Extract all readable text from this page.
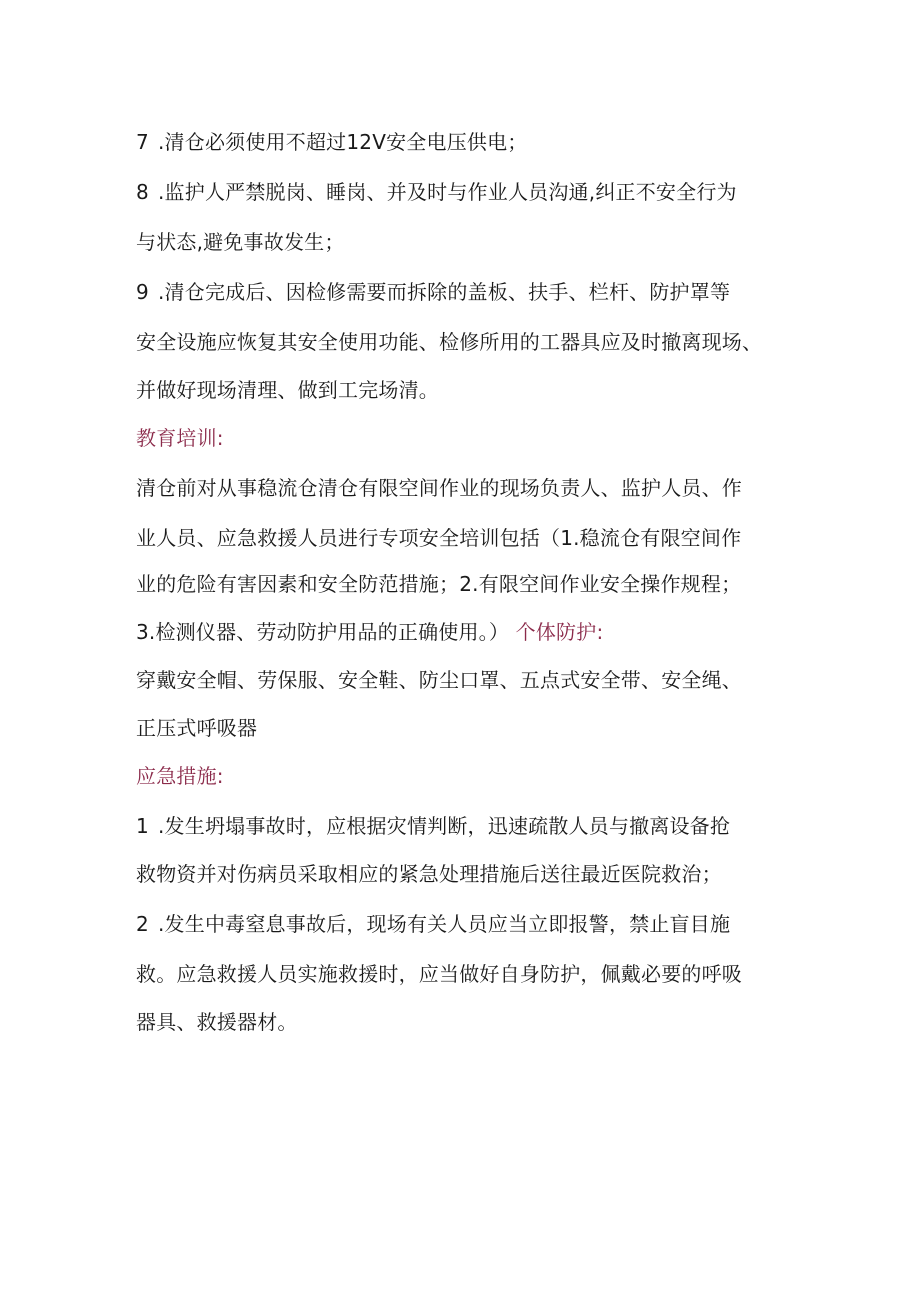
7 .清仓必须使用不超过12V安全电压供电；
8 .监护人严禁脱岗、睡岗、并及时与作业人员沟通,纠正不安全行为
与状态,避免事故发生；
9 .清仓完成后、因检修需要而拆除的盖板、扶手、栏杆、防护罩等
安全设施应恢复其安全使用功能、检修所用的工器具应及时撤离现场、
并做好现场清理、做到工完场清。
教育培训:
清仓前对从事稳流仓清仓有限空间作业的现场负责人、监护人员、作
业人员、应急救援人员进行专项安全培训包括（1.稳流仓有限空间作
业的危险有害因素和安全防范措施；2.有限空间作业安全操作规程；
3.检测仪器、劳动防护用品的正确使用。） 个体防护:
穿戴安全帽、劳保服、安全鞋、防尘口罩、五点式安全带、安全绳、
正压式呼吸器
应急措施:
1 .发生坍塌事故时，应根据灾情判断，迅速疏散人员与撤离设备抢
救物资并对伤病员采取相应的紧急处理措施后送往最近医院救治；
2 .发生中毒窒息事故后，现场有关人员应当立即报警，禁止盲目施
救。应急救援人员实施救援时，应当做好自身防护，佩戴必要的呼吸
器具、救援器材。
